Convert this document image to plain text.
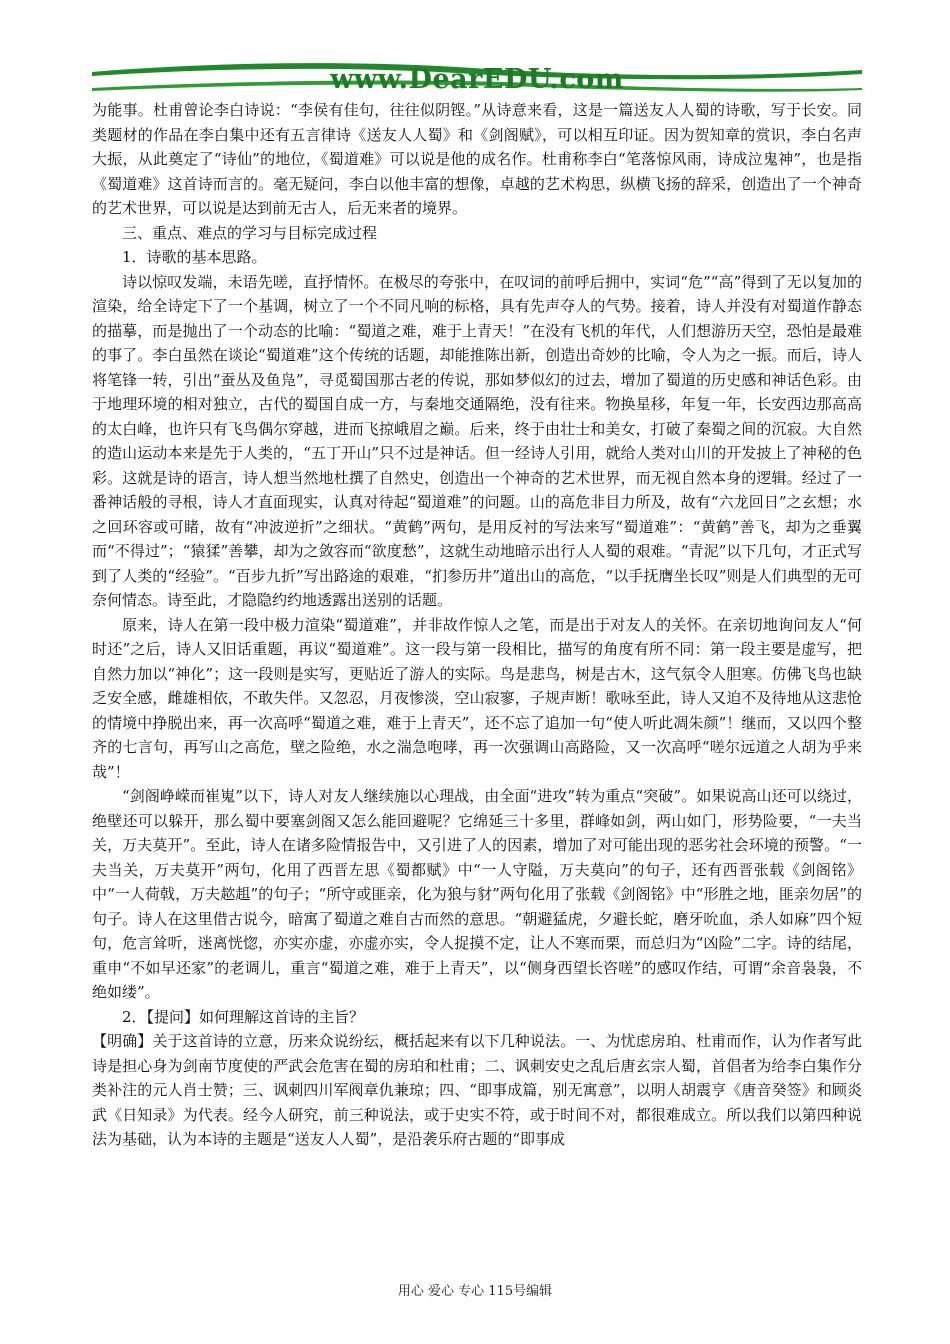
www.DearEDU.com

为能事。杜甫曾论李白诗说：“李侯有佳句，往往似阴铿。”从诗意来看，这是一篇送友人人蜀的诗歌，写于长安。同类题材的作品在李白集中还有五言律诗《送友人人蜀》和《剑阁赋》，可以相互印证。因为贺知章的赏识，李白名声大振，从此奠定了“诗仙”的地位，《蜀道难》可以说是他的成名作。杜甫称李白“笔落惊风雨，诗成泣鬼神”，也是指《蜀道难》这首诗而言的。毫无疑问，李白以他丰富的想像，卓越的艺术构思，纵横飞扬的辞采，创造出了一个神奇的艺术世界，可以说是达到前无古人，后无来者的境界。

三、重点、难点的学习与目标完成过程

1．诗歌的基本思路。

诗以惊叹发端，未语先嗟，直抒情怀。在极尽的夸张中，在叹词的前呼后拥中，实词“危”“高”得到了无以复加的渲染，给全诗定下了一个基调，树立了一个不同凡响的标格，具有先声夺人的气势。接着，诗人并没有对蜀道作静态的描摹，而是抛出了一个动态的比喻：“蜀道之难，难于上青天！”在没有飞机的年代，人们想游历天空，恐怕是最难的事了。李白虽然在谈论“蜀道难”这个传统的话题，却能推陈出新，创造出奇妙的比喻，令人为之一振。而后，诗人将笔锋一转，引出“蚕丛及鱼凫”，寻觅蜀国那古老的传说，那如梦似幻的过去，增加了蜀道的历史感和神话色彩。由于地理环境的相对独立，古代的蜀国自成一方，与秦地交通隔绝，没有往来。物换星移，年复一年，长安西边那高高的太白峰，也许只有飞鸟偶尔穿越，进而飞掠峨眉之巅。后来，终于由壮士和美女，打破了秦蜀之间的沉寂。大自然的造山运动本来是先于人类的，“五丁开山”只不过是神话。但一经诗人引用，就给人类对山川的开发披上了神秘的色彩。这就是诗的语言，诗人想当然地杜撰了自然史，创造出一个神奇的艺术世界，而无视自然本身的逻辑。经过了一番神话般的寻根，诗人才直面现实，认真对待起“蜀道难”的问题。山的高危非目力所及，故有“六龙回日”之玄想；水之回环容或可睹，故有“冲波逆折”之细状。“黄鹤”两句，是用反衬的写法来写“蜀道难”：“黄鹤”善飞，却为之垂翼而“不得过”；“猿猱”善攀，却为之敛容而“欲度愁”，这就生动地暗示出行人人蜀的艰难。“青泥”以下几句，才正式写到了人类的“经验”。“百步九折”写出路途的艰难，“扪参历井”道出山的高危，“以手抚膺坐长叹”则是人们典型的无可奈何情态。诗至此，才隐隐约约地透露出送别的话题。

原来，诗人在第一段中极力渲染“蜀道难”，并非故作惊人之笔，而是出于对友人的关怀。在亲切地询问友人“何时还”之后，诗人又旧话重题，再议“蜀道难”。这一段与第一段相比，描写的角度有所不同：第一段主要是虚写，把自然力加以“神化”；这一段则是实写，更贴近了游人的实际。鸟是悲鸟，树是古木，这气氛令人胆寒。仿佛飞鸟也缺乏安全感，雌雄相依，不敢失伴。又忽忍，月夜惨淡，空山寂寥，子规声断！歌咏至此，诗人又迫不及待地从这悲怆的情境中挣脱出来，再一次高呼“蜀道之难，难于上青天”，还不忘了追加一句“使人听此凋朱颜”！继而，又以四个整齐的七言句，再写山之高危，壁之险绝，水之湍急咆哮，再一次强调山高路险，又一次高呼“嗟尔远道之人胡为乎来哉”！

“剑阁峥嵘而崔嵬”以下，诗人对友人继续施以心理战，由全面“进攻”转为重点“突破”。如果说高山还可以绕过，绝壁还可以躲开，那么蜀中要塞剑阁又怎么能回避呢？它绵延三十多里，群峰如剑，两山如门，形势险要，“一夫当关，万夫莫开”。至此，诗人在诸多险情报告中，又引进了人的因素，增加了对可能出现的恶劣社会环境的预警。“一夫当关，万夫莫开”两句，化用了西晋左思《蜀都赋》中“一人守隘，万夫莫向”的句子，还有西晋张载《剑阁铭》中“一人荷戟，万夫趑趄”的句子；“所守或匪亲，化为狼与豺”两句化用了张载《剑阁铭》中“形胜之地，匪亲勿居”的句子。诗人在这里借古说今，暗寓了蜀道之难自古而然的意思。“朝避猛虎，夕避长蛇，磨牙吮血，杀人如麻”四个短句，危言耸听，迷离恍惚，亦实亦虚，亦虚亦实，令人捉摸不定，让人不寒而栗，而总归为“凶险”二字。诗的结尾，重申“不如早还家”的老调儿，重言“蜀道之难，难于上青天”，以“侧身西望长咨嗟”的感叹作结，可谓“余音袅袅，不绝如缕”。

2．【提问】如何理解这首诗的主旨？

【明确】关于这首诗的立意，历来众说纷纭，概括起来有以下几种说法。一、为忧虑房珀、杜甫而作，认为作者写此诗是担心身为剑南节度使的严武会危害在蜀的房珀和杜甫；二、讽刺安史之乱后唐玄宗人蜀，首倡者为给李白集作分类补注的元人肖士赞；三、讽刺四川军阀章仇兼琼；四、“即事成篇，别无寓意”，以明人胡震亨《唐音癸签》和顾炎武《日知录》为代表。经今人研究，前三种说法，或于史实不符，或于时间不对，都很难成立。所以我们以第四种说法为基础，认为本诗的主题是“送友人人蜀”，是沿袭乐府古题的“即事成

用心 爱心 专心 115号编辑
